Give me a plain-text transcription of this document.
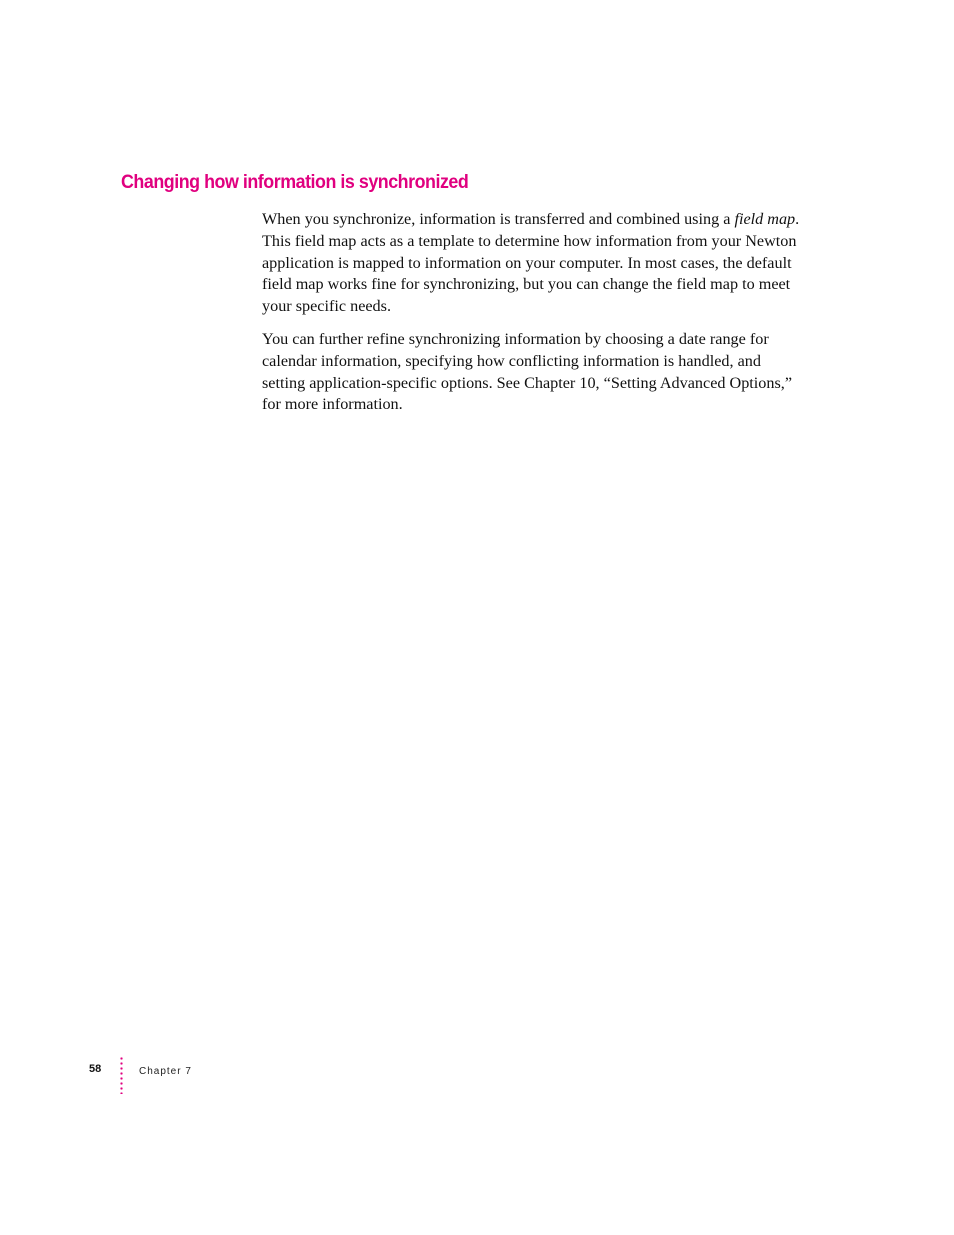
Changing how information is synchronized

When you synchronize, information is transferred and combined using a field map. This field map acts as a template to determine how information from your Newton application is mapped to information on your computer. In most cases, the default field map works fine for synchronizing, but you can change the field map to meet your specific needs.

You can further refine synchronizing information by choosing a date range for calendar information, specifying how conflicting information is handled, and setting application-specific options. See Chapter 10, “Setting Advanced Options,” for more information.

58	Chapter 7
